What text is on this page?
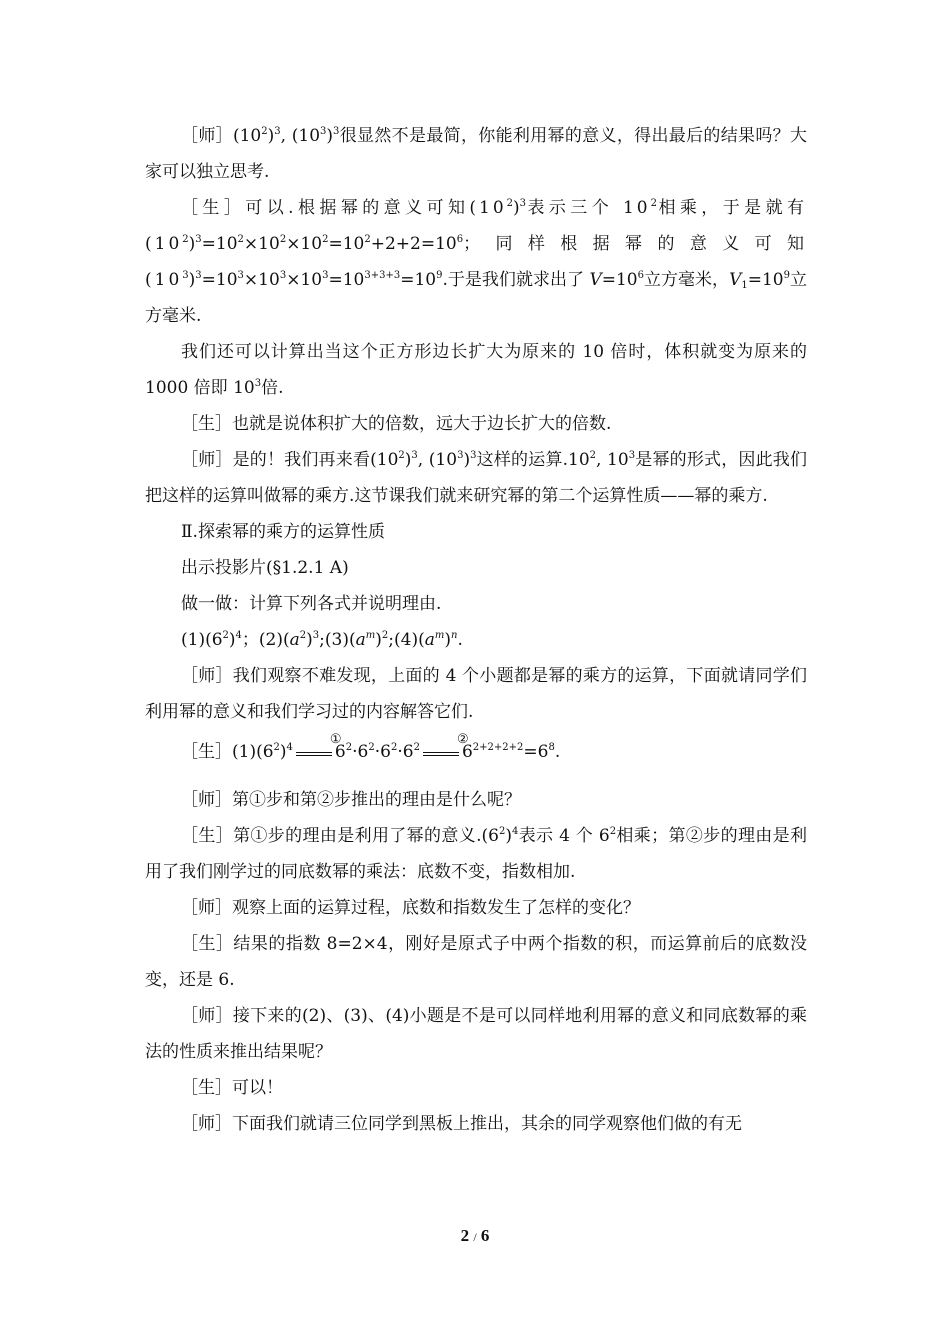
［师$](10^2)^3$, $(10^3)^3$很显然不是最简，你能利用幂的意义，得出最后的结果吗？大家可以独立思考.

［生］可以.根据幂的意义可知$(10^2)^3$表示三个 $10^2$相乘，于是就有$(10^2)^3=10^2\times 10^2\times 10^2=10^2+2+2=10^6$；同样根据幂的意义可知$(10^3)^3=10^3\times 10^3\times 10^3=10^{3+3+3}=10^9$.于是我们就求出了 $V=10^6$立方毫米，$V_1=10^9$立方毫米.

我们还可以计算出当这个正方形边长扩大为原来的 10 倍时，体积就变为原来的 1000 倍即 $10^3$倍.

［生］也就是说体积扩大的倍数，远大于边长扩大的倍数.

［师］是的！我们再来看$(10^2)^3$, $(10^3)^3$这样的运算$.10^2$, $10^3$是幂的形式，因此我们把这样的运算叫做幂的乘方.这节课我们就来研究幂的第二个运算性质——幂的乘方.

Ⅱ.探索幂的乘方的运算性质

出示投影片(§1.2.1 A)

做一做：计算下列各式并说明理由.

$(1)(6^2)^4$；$(2)(a^2)^3;(3)(a^m)^2;(4)(a^m)^n$.

［师］我们观察不难发现，上面的 4 个小题都是幂的乘方的运算，下面就请同学们利用幂的意义和我们学习过的内容解答它们.

［生$](1)(6^2)^4$
①
$6^2\cdot 6^2\cdot 6^2\cdot 6^2$
②
$6^{2+2+2+2}=6^8$.

［师］第①步和第②步推出的理由是什么呢？

［生］第①步的理由是利用了幂的意义$.(6^2)^4$表示 4 个 $6^2$相乘；第②步的理由是利用了我们刚学过的同底数幂的乘法：底数不变，指数相加.

［师］观察上面的运算过程，底数和指数发生了怎样的变化？

［生］结果的指数 8=2×4，刚好是原式子中两个指数的积，而运算前后的底数没变，还是 6.

［师］接下来的(2)、(3)、(4)小题是不是可以同样地利用幂的意义和同底数幂的乘法的性质来推出结果呢？

［生］可以！

［师］下面我们就请三位同学到黑板上推出，其余的同学观察他们做的有无

2 / 6
